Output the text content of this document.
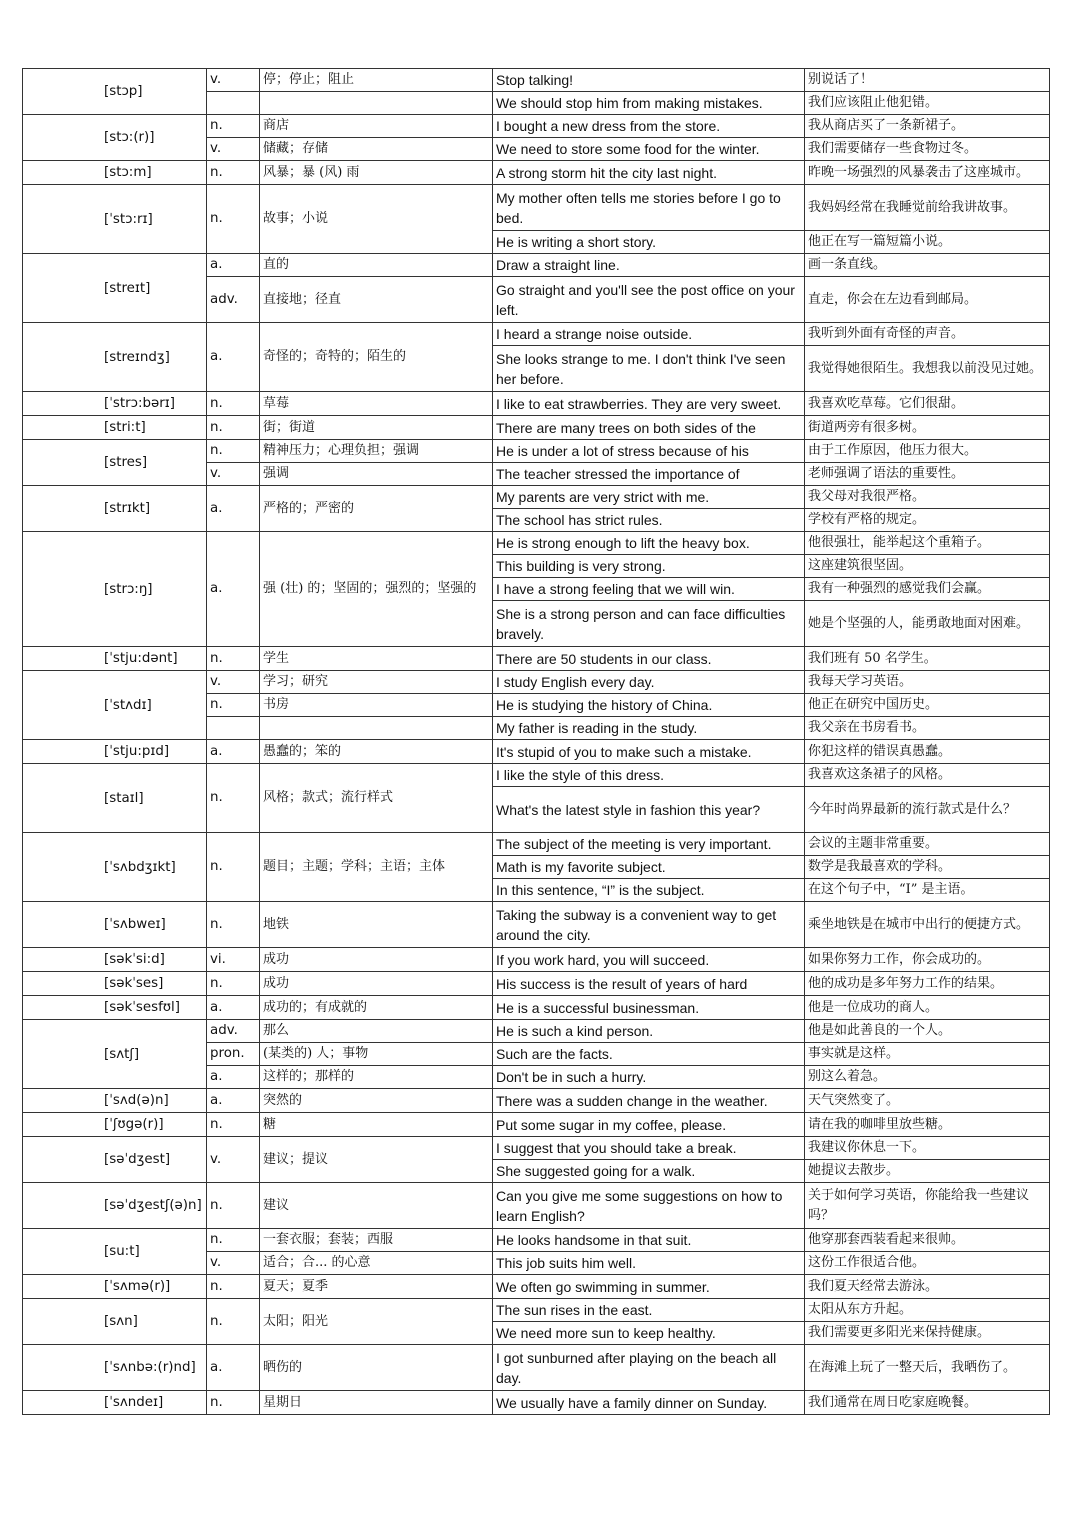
[stɔp]	v.	停；停止；阻止	Stop talking!	别说话了！
			We should stop him from making mistakes.	我们应该阻止他犯错。
[stɔ:(r)]	n.	商店	I bought a new dress from the store.	我从商店买了一条新裙子。
	v.	储藏；存储	We need to store some food for the winter.	我们需要储存一些食物过冬。
[stɔ:m]	n.	风暴；暴 (风) 雨	A strong storm hit the city last night.	昨晚一场强烈的风暴袭击了这座城市。
[ˈstɔ:rɪ]	n.	故事；小说	My mother often tells me stories before I go to bed.	我妈妈经常在我睡觉前给我讲故事。
			He is writing a short story.	他正在写一篇短篇小说。
[streɪt]	a.	直的	Draw a straight line.	画一条直线。
	adv.	直接地；径直	Go straight and you'll see the post office on your left.	直走，你会在左边看到邮局。
[streɪndʒ]	a.	奇怪的；奇特的；陌生的	I heard a strange noise outside.	我听到外面有奇怪的声音。
			She looks strange to me. I don't think I've seen her before.	我觉得她很陌生。我想我以前没见过她。
[ˈstrɔ:bərɪ]	n.	草莓	I like to eat strawberries. They are very sweet.	我喜欢吃草莓。它们很甜。
[stri:t]	n.	街；街道	There are many trees on both sides of the	街道两旁有很多树。
[stres]	n.	精神压力；心理负担；强调	He is under a lot of stress because of his	由于工作原因，他压力很大。
	v.	强调	The teacher stressed the importance of	老师强调了语法的重要性。
[strɪkt]	a.	严格的；严密的	My parents are very strict with me.	我父母对我很严格。
			The school has strict rules.	学校有严格的规定。
[strɔ:ŋ]	a.	强 (壮) 的；坚固的；强烈的；坚强的	He is strong enough to lift the heavy box.	他很强壮，能举起这个重箱子。
			This building is very strong.	这座建筑很坚固。
			I have a strong feeling that we will win.	我有一种强烈的感觉我们会赢。
			She is a strong person and can face difficulties bravely.	她是个坚强的人，能勇敢地面对困难。
[ˈstju:dənt]	n.	学生	There are 50 students in our class.	我们班有 50 名学生。
[ˈstʌdɪ]	v.	学习；研究	I study English every day.	我每天学习英语。
	n.	书房	He is studying the history of China.	他正在研究中国历史。
			My father is reading in the study.	我父亲在书房看书。
[ˈstju:pɪd]	a.	愚蠢的；笨的	It's stupid of you to make such a mistake.	你犯这样的错误真愚蠢。
[staɪl]	n.	风格；款式；流行样式	I like the style of this dress.	我喜欢这条裙子的风格。
			What's the latest style in fashion this year?	今年时尚界最新的流行款式是什么？
[ˈsʌbdʒɪkt]	n.	题目；主题；学科；主语；主体	The subject of the meeting is very important.	会议的主题非常重要。
			Math is my favorite subject.	数学是我最喜欢的学科。
			In this sentence, “I” is the subject.	在这个句子中，“I” 是主语。
[ˈsʌbweɪ]	n.	地铁	Taking the subway is a convenient way to get around the city.	乘坐地铁是在城市中出行的便捷方式。
[səkˈsi:d]	vi.	成功	If you work hard, you will succeed.	如果你努力工作，你会成功的。
[səkˈses]	n.	成功	His success is the result of years of hard	他的成功是多年努力工作的结果。
[səkˈsesfʊl]	a.	成功的；有成就的	He is a successful businessman.	他是一位成功的商人。
[sʌtʃ]	adv.	那么	He is such a kind person.	他是如此善良的一个人。
	pron.	(某类的) 人；事物	Such are the facts.	事实就是这样。
	a.	这样的；那样的	Don't be in such a hurry.	别这么着急。
[ˈsʌd(ə)n]	a.	突然的	There was a sudden change in the weather.	天气突然变了。
[ˈʃʊgə(r)]	n.	糖	Put some sugar in my coffee, please.	请在我的咖啡里放些糖。
[səˈdʒest]	v.	建议；提议	I suggest that you should take a break.	我建议你休息一下。
			She suggested going for a walk.	她提议去散步。
[səˈdʒestʃ(ə)n]	n.	建议	Can you give me some suggestions on how to learn English?	关于如何学习英语，你能给我一些建议吗？
[su:t]	n.	一套衣服；套装；西服	He looks handsome in that suit.	他穿那套西装看起来很帅。
	v.	适合；合... 的心意	This job suits him well.	这份工作很适合他。
[ˈsʌmə(r)]	n.	夏天；夏季	We often go swimming in summer.	我们夏天经常去游泳。
[sʌn]	n.	太阳；阳光	The sun rises in the east.	太阳从东方升起。
			We need more sun to keep healthy.	我们需要更多阳光来保持健康。
[ˈsʌnbə:(r)nd]	a.	晒伤的	I got sunburned after playing on the beach all day.	在海滩上玩了一整天后，我晒伤了。
[ˈsʌndeɪ]	n.	星期日	We usually have a family dinner on Sunday.	我们通常在周日吃家庭晚餐。
